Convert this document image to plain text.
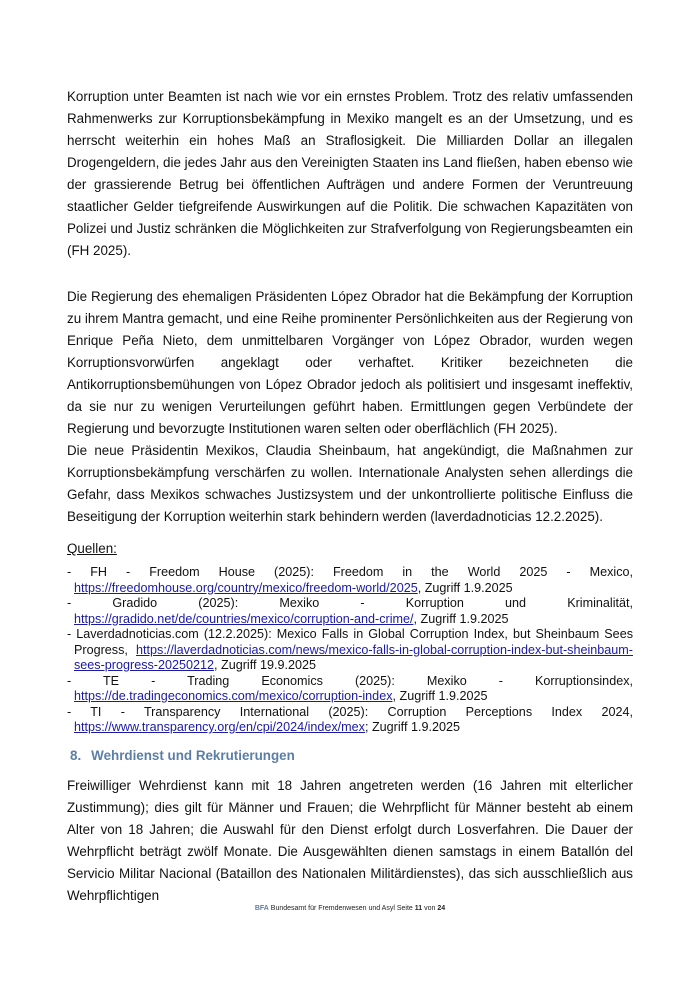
Korruption unter Beamten ist nach wie vor ein ernstes Problem. Trotz des relativ umfassenden Rahmenwerks zur Korruptionsbekämpfung in Mexiko mangelt es an der Umsetzung, und es herrscht weiterhin ein hohes Maß an Straflosigkeit. Die Milliarden Dollar an illegalen Drogengeldern, die jedes Jahr aus den Vereinigten Staaten ins Land fließen, haben ebenso wie der grassierende Betrug bei öffentlichen Aufträgen und andere Formen der Veruntreuung staatlicher Gelder tiefgreifende Auswirkungen auf die Politik. Die schwachen Kapazitäten von Polizei und Justiz schränken die Möglichkeiten zur Strafverfolgung von Regierungsbeamten ein (FH 2025).

Die Regierung des ehemaligen Präsidenten López Obrador hat die Bekämpfung der Korruption zu ihrem Mantra gemacht, und eine Reihe prominenter Persönlichkeiten aus der Regierung von Enrique Peña Nieto, dem unmittelbaren Vorgänger von López Obrador, wurden wegen Korruptionsvorwürfen angeklagt oder verhaftet. Kritiker bezeichneten die Antikorruptionsbemühungen von López Obrador jedoch als politisiert und insgesamt ineffektiv, da sie nur zu wenigen Verurteilungen geführt haben. Ermittlungen gegen Verbündete der Regierung und bevorzugte Institutionen waren selten oder oberflächlich (FH 2025).

Die neue Präsidentin Mexikos, Claudia Sheinbaum, hat angekündigt, die Maßnahmen zur Korruptionsbekämpfung verschärfen zu wollen. Internationale Analysten sehen allerdings die Gefahr, dass Mexikos schwaches Justizsystem und der unkontrollierte politische Einfluss die Beseitigung der Korruption weiterhin stark behindern werden (laverdadnoticias 12.2.2025).

Quellen:
- FH - Freedom House (2025): Freedom in the World 2025 - Mexico, https://freedomhouse.org/country/mexico/freedom-world/2025, Zugriff 1.9.2025
- Gradido (2025): Mexiko - Korruption und Kriminalität, https://gradido.net/de/countries/mexico/corruption-and-crime/, Zugriff 1.9.2025
- Laverdadnoticias.com (12.2.2025): Mexico Falls in Global Corruption Index, but Sheinbaum Sees Progress, https://laverdadnoticias.com/news/mexico-falls-in-global-corruption-index-but-sheinbaum-sees-progress-20250212, Zugriff 19.9.2025
- TE - Trading Economics (2025): Mexiko - Korruptionsindex, https://de.tradingeconomics.com/mexico/corruption-index, Zugriff 1.9.2025
- TI - Transparency International (2025): Corruption Perceptions Index 2024, https://www.transparency.org/en/cpi/2024/index/mex; Zugriff 1.9.2025
8. Wehrdienst und Rekrutierungen

Freiwilliger Wehrdienst kann mit 18 Jahren angetreten werden (16 Jahren mit elterlicher Zustimmung); dies gilt für Männer und Frauen; die Wehrpflicht für Männer besteht ab einem Alter von 18 Jahren; die Auswahl für den Dienst erfolgt durch Losverfahren. Die Dauer der Wehrpflicht beträgt zwölf Monate. Die Ausgewählten dienen samstags in einem Batallón del Servicio Militar Nacional (Bataillon des Nationalen Militärdienstes), das sich ausschließlich aus Wehrpflichtigen

BFA Bundesamt für Fremdenwesen und Asyl Seite 11 von 24
